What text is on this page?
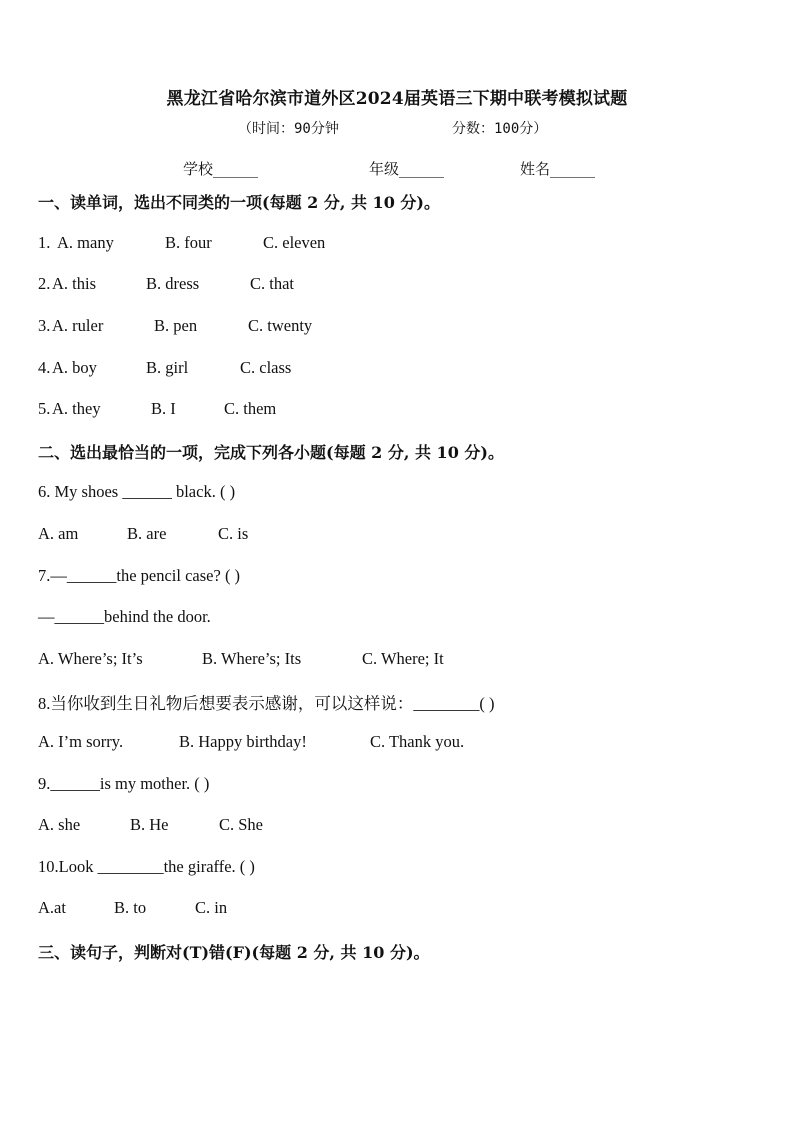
黑龙江省哈尔滨市道外区2024届英语三下期中联考模拟试题
（时间：90分钟	分数：100分）
学校______	年级______	姓名______
一、读单词，选出不同类的一项(每题 2 分, 共 10 分)。
1. A. many	B. four	C. eleven
2. A. this	B. dress	C. that
3. A. ruler	B. pen	C. twenty
4. A. boy	B. girl	C. class
5. A. they	B. I	C. them
二、选出最恰当的一项，完成下列各小题(每题 2 分, 共 10 分)。
6. My shoes ______ black. ( )
A. am	B. are	C. is
7.—______the pencil case? ( )
—______behind the door.
A. Where’s; It’s	B. Where’s; Its	C. Where; It
8.当你收到生日礼物后想要表示感谢，可以这样说：________( )
A. I’m sorry.	B. Happy birthday!	C. Thank you.
9.______is my mother. ( )
A. she	B. He	C. She
10.Look ________the giraffe. ( )
A.at	B. to	C. in
三、读句子，判断对(T)错(F)(每题 2 分, 共 10 分)。
